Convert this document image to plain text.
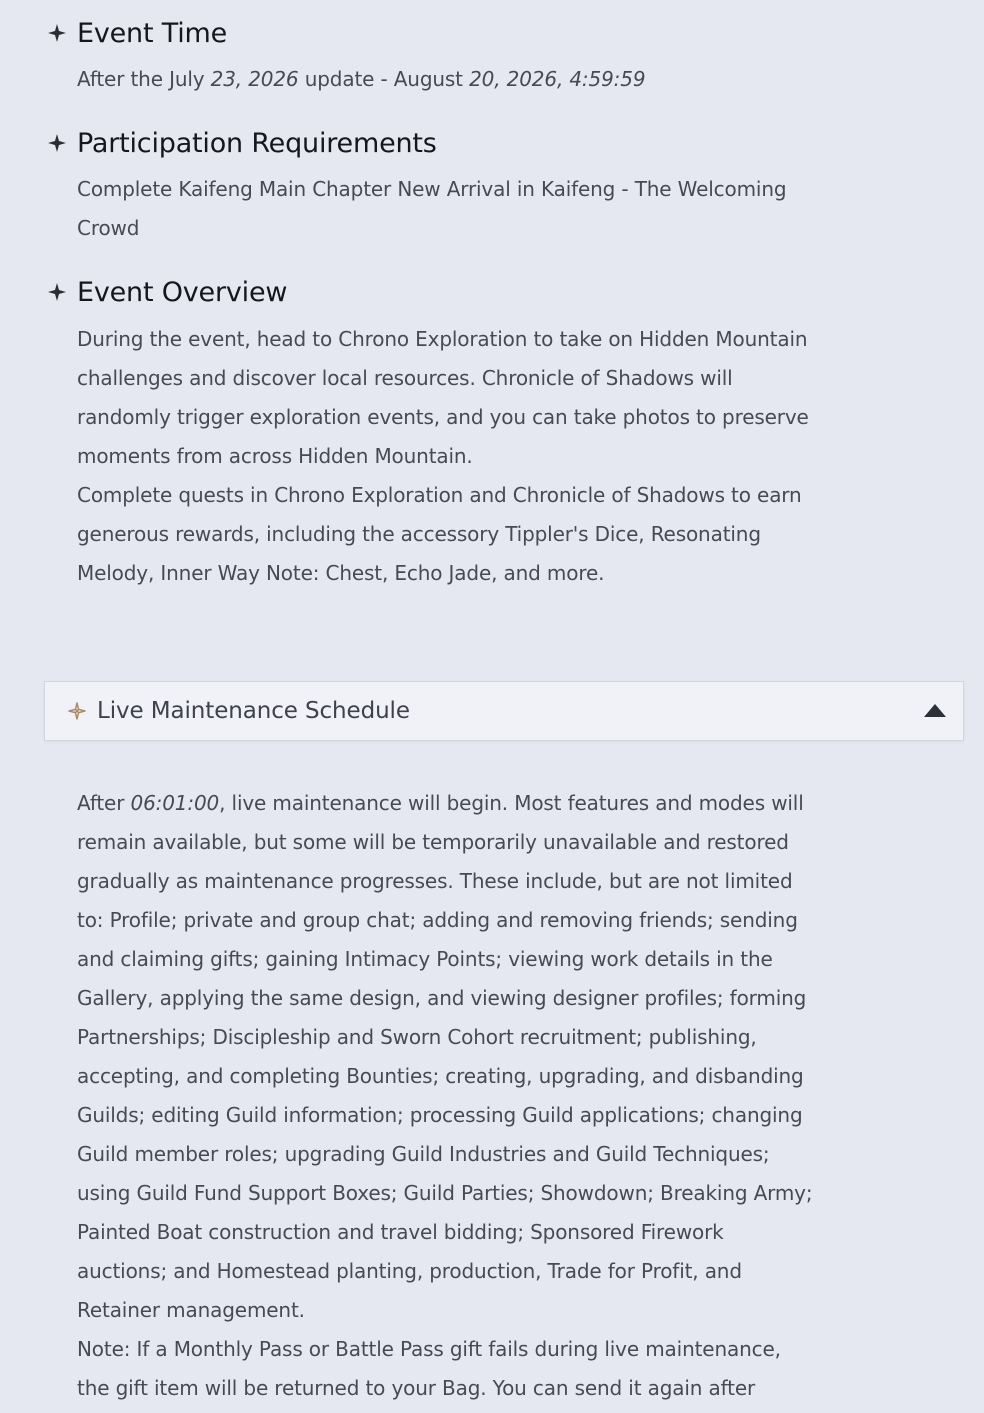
Event Time

After the July 23, 2026 update - August 20, 2026, 4:59:59

Participation Requirements

Complete Kaifeng Main Chapter New Arrival in Kaifeng - The Welcoming Crowd

Event Overview

During the event, head to Chrono Exploration to take on Hidden Mountain challenges and discover local resources. Chronicle of Shadows will randomly trigger exploration events, and you can take photos to preserve moments from across Hidden Mountain.

Complete quests in Chrono Exploration and Chronicle of Shadows to earn generous rewards, including the accessory Tippler's Dice, Resonating Melody, Inner Way Note: Chest, Echo Jade, and more.

Live Maintenance Schedule

After 06:01:00, live maintenance will begin. Most features and modes will remain available, but some will be temporarily unavailable and restored gradually as maintenance progresses. These include, but are not limited to: Profile; private and group chat; adding and removing friends; sending and claiming gifts; gaining Intimacy Points; viewing work details in the Gallery, applying the same design, and viewing designer profiles; forming Partnerships; Discipleship and Sworn Cohort recruitment; publishing, accepting, and completing Bounties; creating, upgrading, and disbanding Guilds; editing Guild information; processing Guild applications; changing Guild member roles; upgrading Guild Industries and Guild Techniques; using Guild Fund Support Boxes; Guild Parties; Showdown; Breaking Army; Painted Boat construction and travel bidding; Sponsored Firework auctions; and Homestead planting, production, Trade for Profit, and Retainer management.

Note: If a Monthly Pass or Battle Pass gift fails during live maintenance, the gift item will be returned to your Bag. You can send it again after
